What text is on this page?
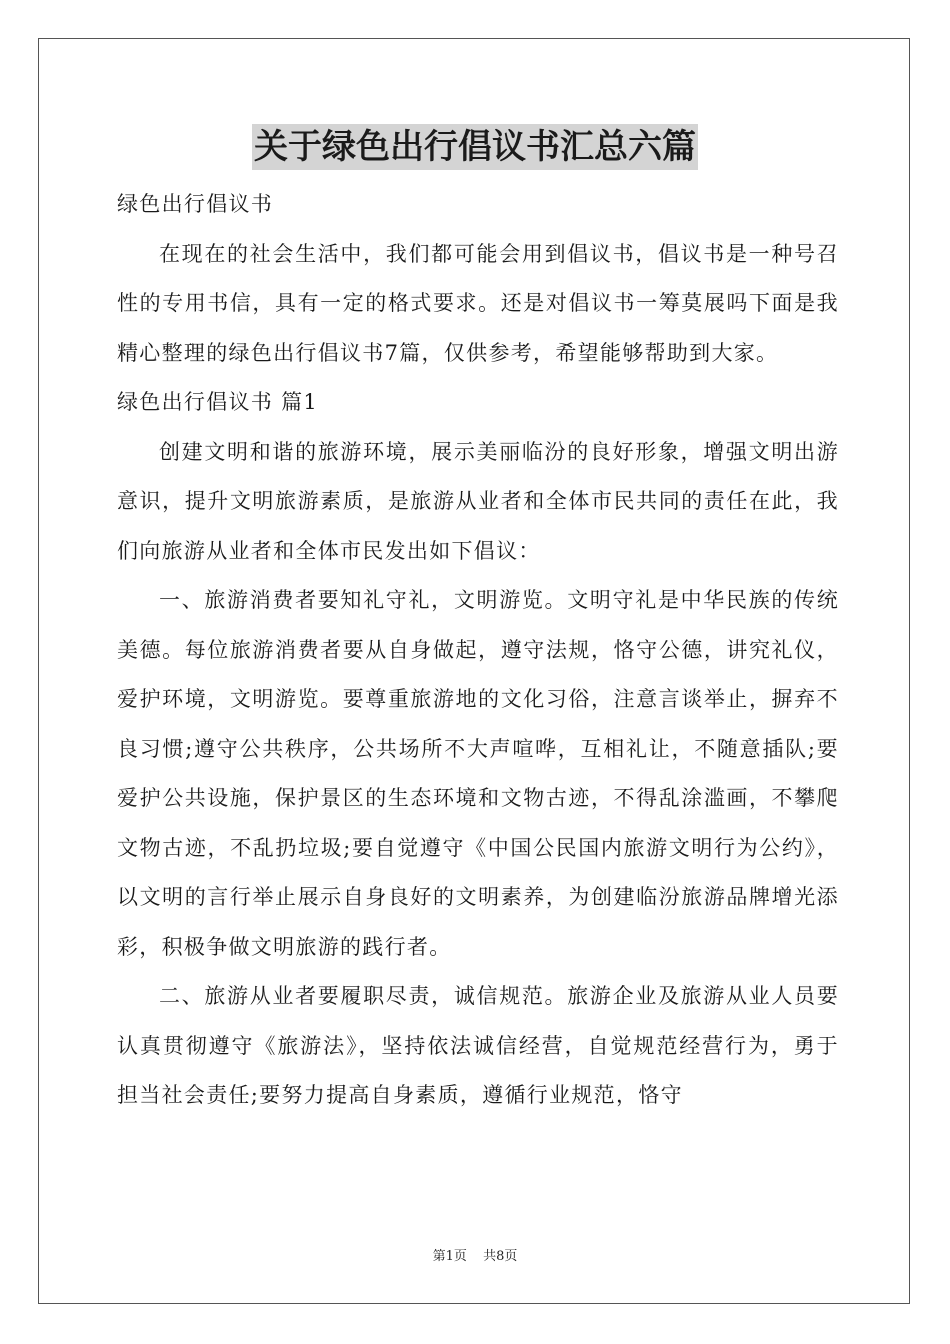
关于绿色出行倡议书汇总六篇

绿色出行倡议书

在现在的社会生活中，我们都可能会用到倡议书，倡议书是一种号召性的专用书信，具有一定的格式要求。还是对倡议书一筹莫展吗下面是我精心整理的绿色出行倡议书7篇，仅供参考，希望能够帮助到大家。

绿色出行倡议书 篇1

创建文明和谐的旅游环境，展示美丽临汾的良好形象，增强文明出游意识，提升文明旅游素质，是旅游从业者和全体市民共同的责任在此，我们向旅游从业者和全体市民发出如下倡议：

一、旅游消费者要知礼守礼，文明游览。文明守礼是中华民族的传统美德。每位旅游消费者要从自身做起，遵守法规，恪守公德，讲究礼仪，爱护环境，文明游览。要尊重旅游地的文化习俗，注意言谈举止，摒弃不良习惯;遵守公共秩序，公共场所不大声喧哗，互相礼让，不随意插队;要爱护公共设施，保护景区的生态环境和文物古迹，不得乱涂滥画，不攀爬文物古迹，不乱扔垃圾;要自觉遵守《中国公民国内旅游文明行为公约》，以文明的言行举止展示自身良好的文明素养，为创建临汾旅游品牌增光添彩，积极争做文明旅游的践行者。

二、旅游从业者要履职尽责，诚信规范。旅游企业及旅游从业人员要认真贯彻遵守《旅游法》，坚持依法诚信经营，自觉规范经营行为，勇于担当社会责任;要努力提高自身素质，遵循行业规范，恪守

第1页 共8页
